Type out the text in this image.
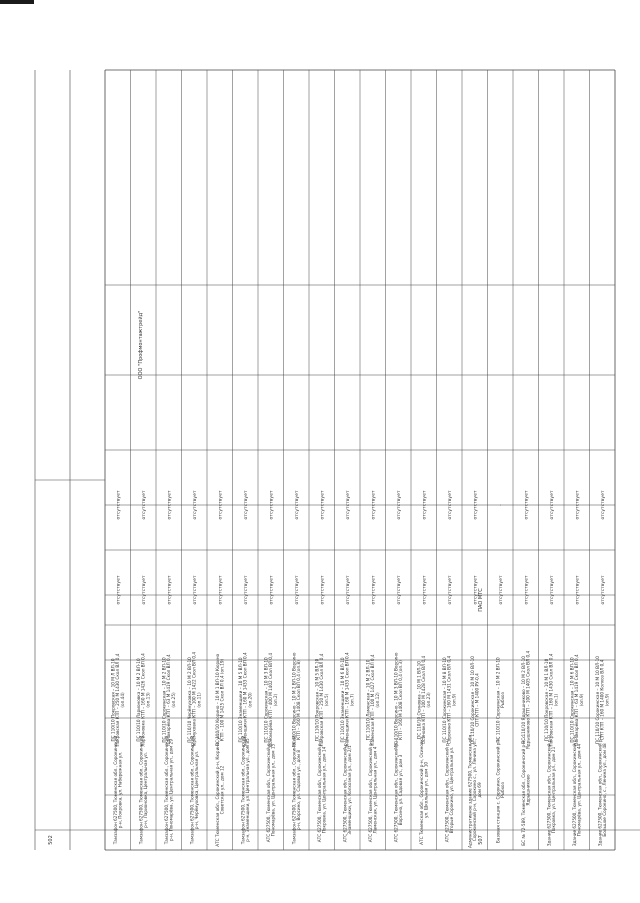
Тамзафон 627500, Тюменская обл., Сорокинскийр-н, Покровка, ул. Набережная ул.
ПС 110/10 Покровская – 10 М Л ВЛ-10Покровская КТП – 250 М 1430 Скол ВЛ 0,4(оп.44)
отсутствует
отсутствует
Тамзафон 627500, Тюменская обл., Сорокинскийр-н, Ларионовка, Центральная ул.
ПС 110/10 Ларионовка – 10 М 2 ВЛ-10Ларионовка КТП – 160 М 1426 Скол ВЛ 0,4(оп.13)
отсутствует
отсутствует
Тамзафон 627500, Тюменская обл., Сорокинскийр-н, Пономарёва, ул. Центральная ул., дом 29
ПС 110/10 Сорокинская – 10 М 2 ВЛ-10Пономарёва КТП – 63 М 1419 Скол ВЛ 0,4(оп.25)
отсутствует
отсутствует
Тамзафон 627500, Тюменская обл., Сорокинскийр-н, Черёмуховка, Центральная ул.
ПС 110/10 Черёмуховка – 10 М 2 ВЛ-10Черёмуховка КТП – 100 М 1422 Скол ВЛ 0,4(оп.11)
отсутствует
отсутствует
АТС Тюменская обл., Сорокинский р-н, Кюрино, ул.Советская ул., дом 12
ПС 110/10 Кюрино – 10 М 1 ВЛ-10 КюриноКТП – 100 М 1425 Скол ВЛ 0,4 (оп.19)
отсутствует
отсутствует
Тамзафон 627500, Тюменская обл., Сорокинскийр-н, Знаменщики, ул. Центральная ул., дом 85
ПС 110/10 Знаменщики – 10 М 5 ВЛ-10Знаменщики КТП – 160 М 1433 Скол ВЛ 0,4(оп.20)
отсутствует
отсутствует
АТС 627500, Тюменская обл., Сорокинский р-н,Пономарёва, ул. Центральная ул., дом 15
ПС 110/10 Сорокинская – 10 М 3 ВЛ-10Пономарёва КТП – 400 М 1402 Скол ВЛ 0,4(оп.2)
отсутствует
отсутствует
Тамзафон 627500, Тюменская обл., Сорокинскийр-н, Ворсино, ул. Садовая ул., дом 8
ПС 110/10 Ворсино – 10 М 2 ВЛ-10 ВорсиноКТП – 160 М 1408 Скол ВЛ 0,4 (оп.8)
отсутствует
отсутствует
АТС 627500, Тюменская обл., Сорокинский р-н,Покровка, ул. Центральная ул., дом 14
ПС 110/10 Покровская – 10 М 5 ВЛ-10Покровская КТП – 250 М 1430 Скол ВЛ 0,4(оп.5)
отсутствует
отсутствует
АТС 627500, Тюменская обл., Сорокинский р-н,Знаменщики, ул. Колхозная ул., дом 2/1
ПС 110/10 Знаменщики – 10 М 6 ВЛ-10Знаменщики КТП – 160 М 1433 Скол ВЛ 0,4(оп.7)
отсутствует
отсутствует
АТС 627500, Тюменская обл., Сорокинский р-н,Ламенская, ул. Центральная ул., дом 4
ПС 110/10 Ламенская – 10 М 2 ВЛ-10Ламенская КТП – 100 М 1427 Скол ВЛ 0,4(оп.12)
отсутствует
отсутствует
АТС 627500, Тюменская обл., Сорокинский р-н,Ворсино, ул. Садовая ул., дом 3
ПС 110/10 Ворсино – 10 М 3 ВЛ-10 ВорсиноКТП – 160 М 1408 Скол ВЛ 0,4 (оп.3)
отсутствует
отсутствует
АТС Тюменская обл., Сорокинский р-н, Осиновка,ул. Школьная ул., дом 10
ПС 110/10 Осиновка – 10 М 1 ВЛ-10Осиновка КТП – 100 М 1428 Скол ВЛ 0,4(оп.23)
отсутствует
отсутствует
АТС 627500, Тюменская обл., Сорокинский р-н,Вторые Сорокино, ул. Центральная ул.
ПС 110/10 Сорокинская – 10 М 8 ВЛ-10Сорокино КТП – 160 М 1431 Скол ВЛ 0,4(оп.9)
отсутствует
отсутствует
Административное здание 627500, Тюменская обл.,Сорокинский р-н, Сорокино с., ул. Ленина ул.,дом 69
ПС 110/10 Сорокинская – 10 М 10 ВЛ-10СПТ КТП – М 1400 РУ-0,4
отсутствует
отсутствует
Базовая станция с. Сорокино, Сорокинский р-н,Рыбхоз
ПС 110/10 Сорокинская – 10 М 2 ВЛ-10Рыбхоз
отсутствует
-
БС № 72-589, Тюменская обл., Сорокинский р-н, с.Ядрышниково
ПС 110/10 Ядрышниково – 10 М 2 ВЛ-10Ядрышниково КТП – 100 М 1405 Скол ВЛ 0,4
отсутствует
отсутствует
Здание 627500, Тюменская обл., Сорокинский р-н,Покровка, ул. Центральная ул., дом 21
ПС 110/10 Покровская – 10 М 1 ВЛ-10Покровская КТП – 160 М 1430 Скол ВЛ 0,4(оп.1)
отсутствует
отсутствует
Здание 627500, Тюменская обл., Сорокинский р-н,Пономарёва, ул. Центральная ул., дом 44
ПС 110/10 Сорокинская – 10 М 6 ВЛ-10Пономарёва КТП – 63 М 1419 Скол ВЛ 0,4(оп.9)
отсутствует
отсутствует
Здание 627500, Тюменская обл., Сорокинский р-н,Большое Сорокино, с., Ленина ул., дом 48
ПС 110/10 Сорокинская – 10 М 10 ВЛ-10СПТ КТП – 160 М 1400 Колхоз ВЛ 0,4(оп.9)
отсутствует
отсутствует
502
ООО "Профмонтажтрейд"
507
ПАО МТС
